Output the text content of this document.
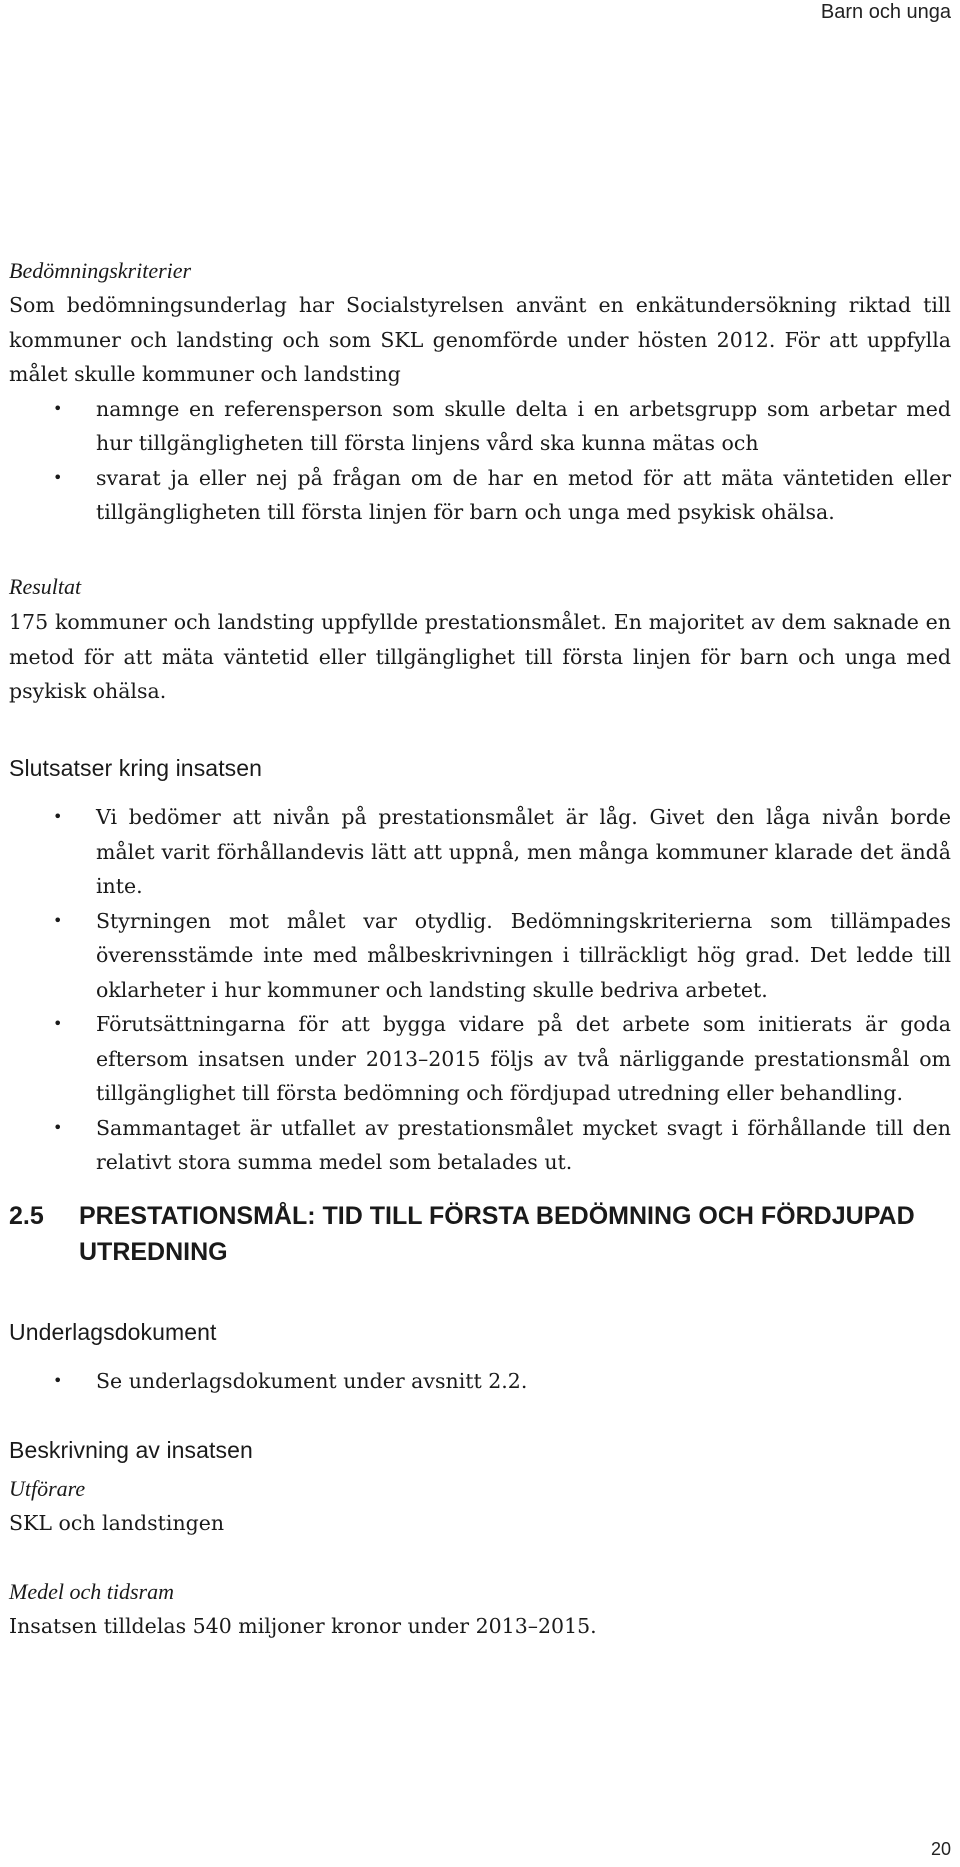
Barn och unga

Bedömningskriterier

Som bedömningsunderlag har Socialstyrelsen använt en enkätundersökning riktad till kommuner och landsting och som SKL genomförde under hösten 2012. För att uppfylla målet skulle kommuner och landsting

•
namnge en referensperson som skulle delta i en arbetsgrupp som arbetar med hur tillgängligheten till första linjens vård ska kunna mätas och
•
svarat ja eller nej på frågan om de har en metod för att mäta väntetiden eller tillgängligheten till första linjen för barn och unga med psykisk ohälsa.

Resultat

175 kommuner och landsting uppfyllde prestationsmålet. En majoritet av dem saknade en metod för att mäta väntetid eller tillgänglighet till första linjen för barn och unga med psykisk ohälsa.

Slutsatser kring insatsen

•
Vi bedömer att nivån på prestationsmålet är låg. Givet den låga nivån borde målet varit förhållandevis lätt att uppnå, men många kommuner klarade det ändå inte.
•
Styrningen mot målet var otydlig. Bedömningskriterierna som tillämpades överensstämde inte med målbeskrivningen i tillräckligt hög grad. Det ledde till oklarheter i hur kommuner och landsting skulle bedriva arbetet.
•
Förutsättningarna för att bygga vidare på det arbete som initierats är goda eftersom insatsen under 2013–2015 följs av två närliggande prestationsmål om tillgänglighet till första bedömning och fördjupad utredning eller behandling.
•
Sammantaget är utfallet av prestationsmålet mycket svagt i förhållande till den relativt stora summa medel som betalades ut.
2.5	PRESTATIONSMÅL: TID TILL FÖRSTA BEDÖMNING OCH FÖRDJUPAD UTREDNING

Underlagsdokument

•
Se underlagsdokument under avsnitt 2.2.

Beskrivning av insatsen

Utförare

SKL och landstingen

Medel och tidsram

Insatsen tilldelas 540 miljoner kronor under 2013–2015.

20
